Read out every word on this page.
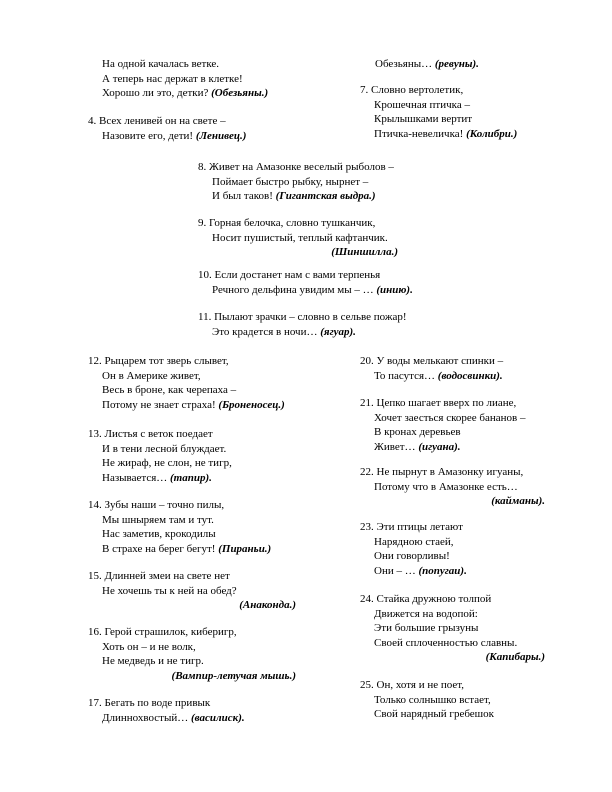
На одной качалась ветке.
А теперь нас держат в клетке!
Хорошо ли это, детки? (Обезьяны.)
4. Всех ленивей он на свете –
Назовите его, дети! (Ленивец.)
Обезьяны… (ревуны).
7. Словно вертолетик,
Крошечная птичка –
Крылышками вертит
Птичка-невеличка! (Колибри.)
8. Живет на Амазонке веселый рыболов –
Поймает быстро рыбку, нырнет –
И был таков! (Гигантская выдра.)
9. Горная белочка, словно тушканчик,
Носит пушистый, теплый кафтанчик.
(Шиншилла.)
10. Если достанет нам с вами терпенья
Речного дельфина увидим мы – … (инию).
11. Пылают зрачки – словно в сельве пожар!
Это крадется в ночи… (ягуар).
12. Рыцарем тот зверь слывет,
Он в Америке живет,
Весь в броне, как черепаха –
Потому не знает страха! (Броненосец.)
13. Листья с веток поедает
И в тени лесной блуждает.
Не жираф, не слон, не тигр,
Называется… (тапир).
14. Зубы наши – точно пилы,
Мы шныряем там и тут.
Нас заметив, крокодилы
В страхе на берег бегут! (Пираньи.)
15. Длинней змеи на свете нет
Не хочешь ты к ней на обед?
(Анаконда.)
16. Герой страшилок, киберигр,
Хоть он – и не волк,
Не медведь и не тигр.
(Вампир-летучая мышь.)
17. Бегать по воде привык
Длиннохвостый… (василиск).
20. У воды мелькают спинки –
То пасутся… (водосвинки).
21. Цепко шагает вверх по лиане,
Хочет заесться скорее бананов –
В кронах деревьев
Живет… (игуана).
22. Не пырнут в Амазонку игуаны,
Потому что в Амазонке есть…
(кайманы).
23. Эти птицы летают
Нарядною стаей,
Они говорливы!
Они – … (попугаи).
24. Стайка дружною толпой
Движется на водопой:
Эти большие грызуны
Своей сплоченностью славны.
(Капибары.)
25. Он, хотя и не поет,
Только солнышко встает,
Свой нарядный гребешок
